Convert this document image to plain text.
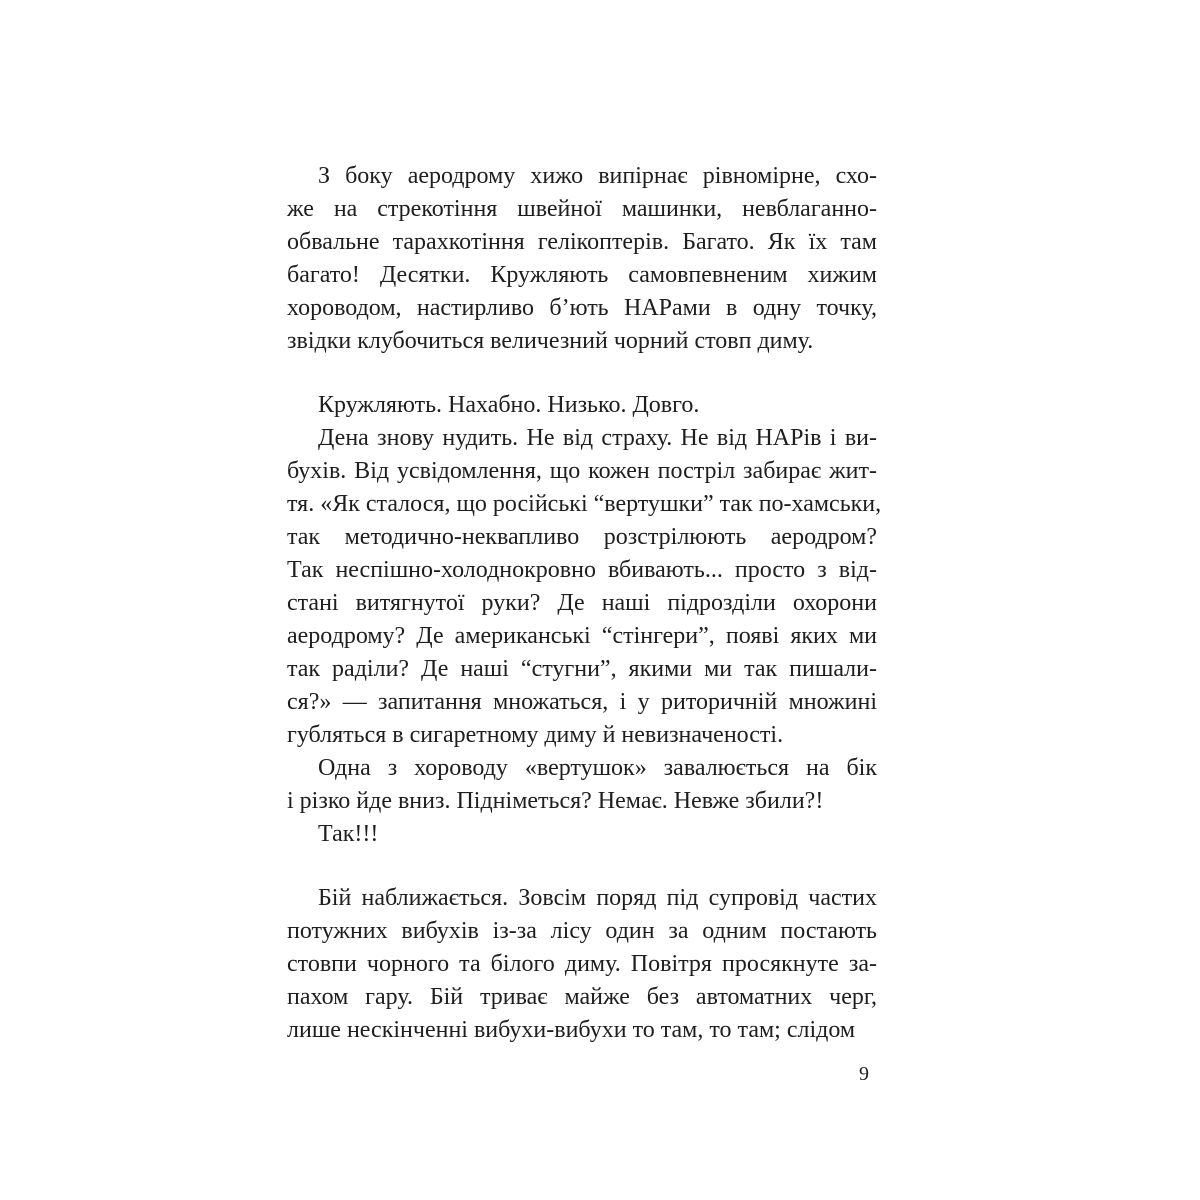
З боку аеродрому хижо випірнає рівномірне, схо-
же на стрекотіння швейної машинки, невблаганно-
обвальне тарахкотіння гелікоптерів. Багато. Як їх там
багато! Десятки. Кружляють самовпевненим хижим
хороводом, настирливо б’ють НАРами в одну точку,
звідки клубочиться величезний чорний стовп диму.
Кружляють. Нахабно. Низько. Довго.
Дена знову нудить. Не від страху. Не від НАРів і ви-
бухів. Від усвідомлення, що кожен постріл забирає жит-
тя. «Як сталося, що російські “вертушки” так по-хамськи,
так методично-неквапливо розстрілюють аеродром?
Так неспішно-холоднокровно вбивають... просто з від-
стані витягнутої руки? Де наші підрозділи охорони
аеродрому? Де американські “стінгери”, появі яких ми
так раділи? Де наші “стугни”, якими ми так пишали-
ся?» — запитання множаться, і у риторичній множині
губляться в сигаретному диму й невизначеності.
Одна з хороводу «вертушок» завалюється на бік
і різко йде вниз. Підніметься? Немає. Невже збили?!
Так!!!
Бій наближається. Зовсім поряд під супровід частих
потужних вибухів із-за лісу один за одним постають
стовпи чорного та білого диму. Повітря просякнуте за-
пахом гару. Бій триває майже без автоматних черг,
лише нескінченні вибухи-вибухи то там, то там; слідом
9
